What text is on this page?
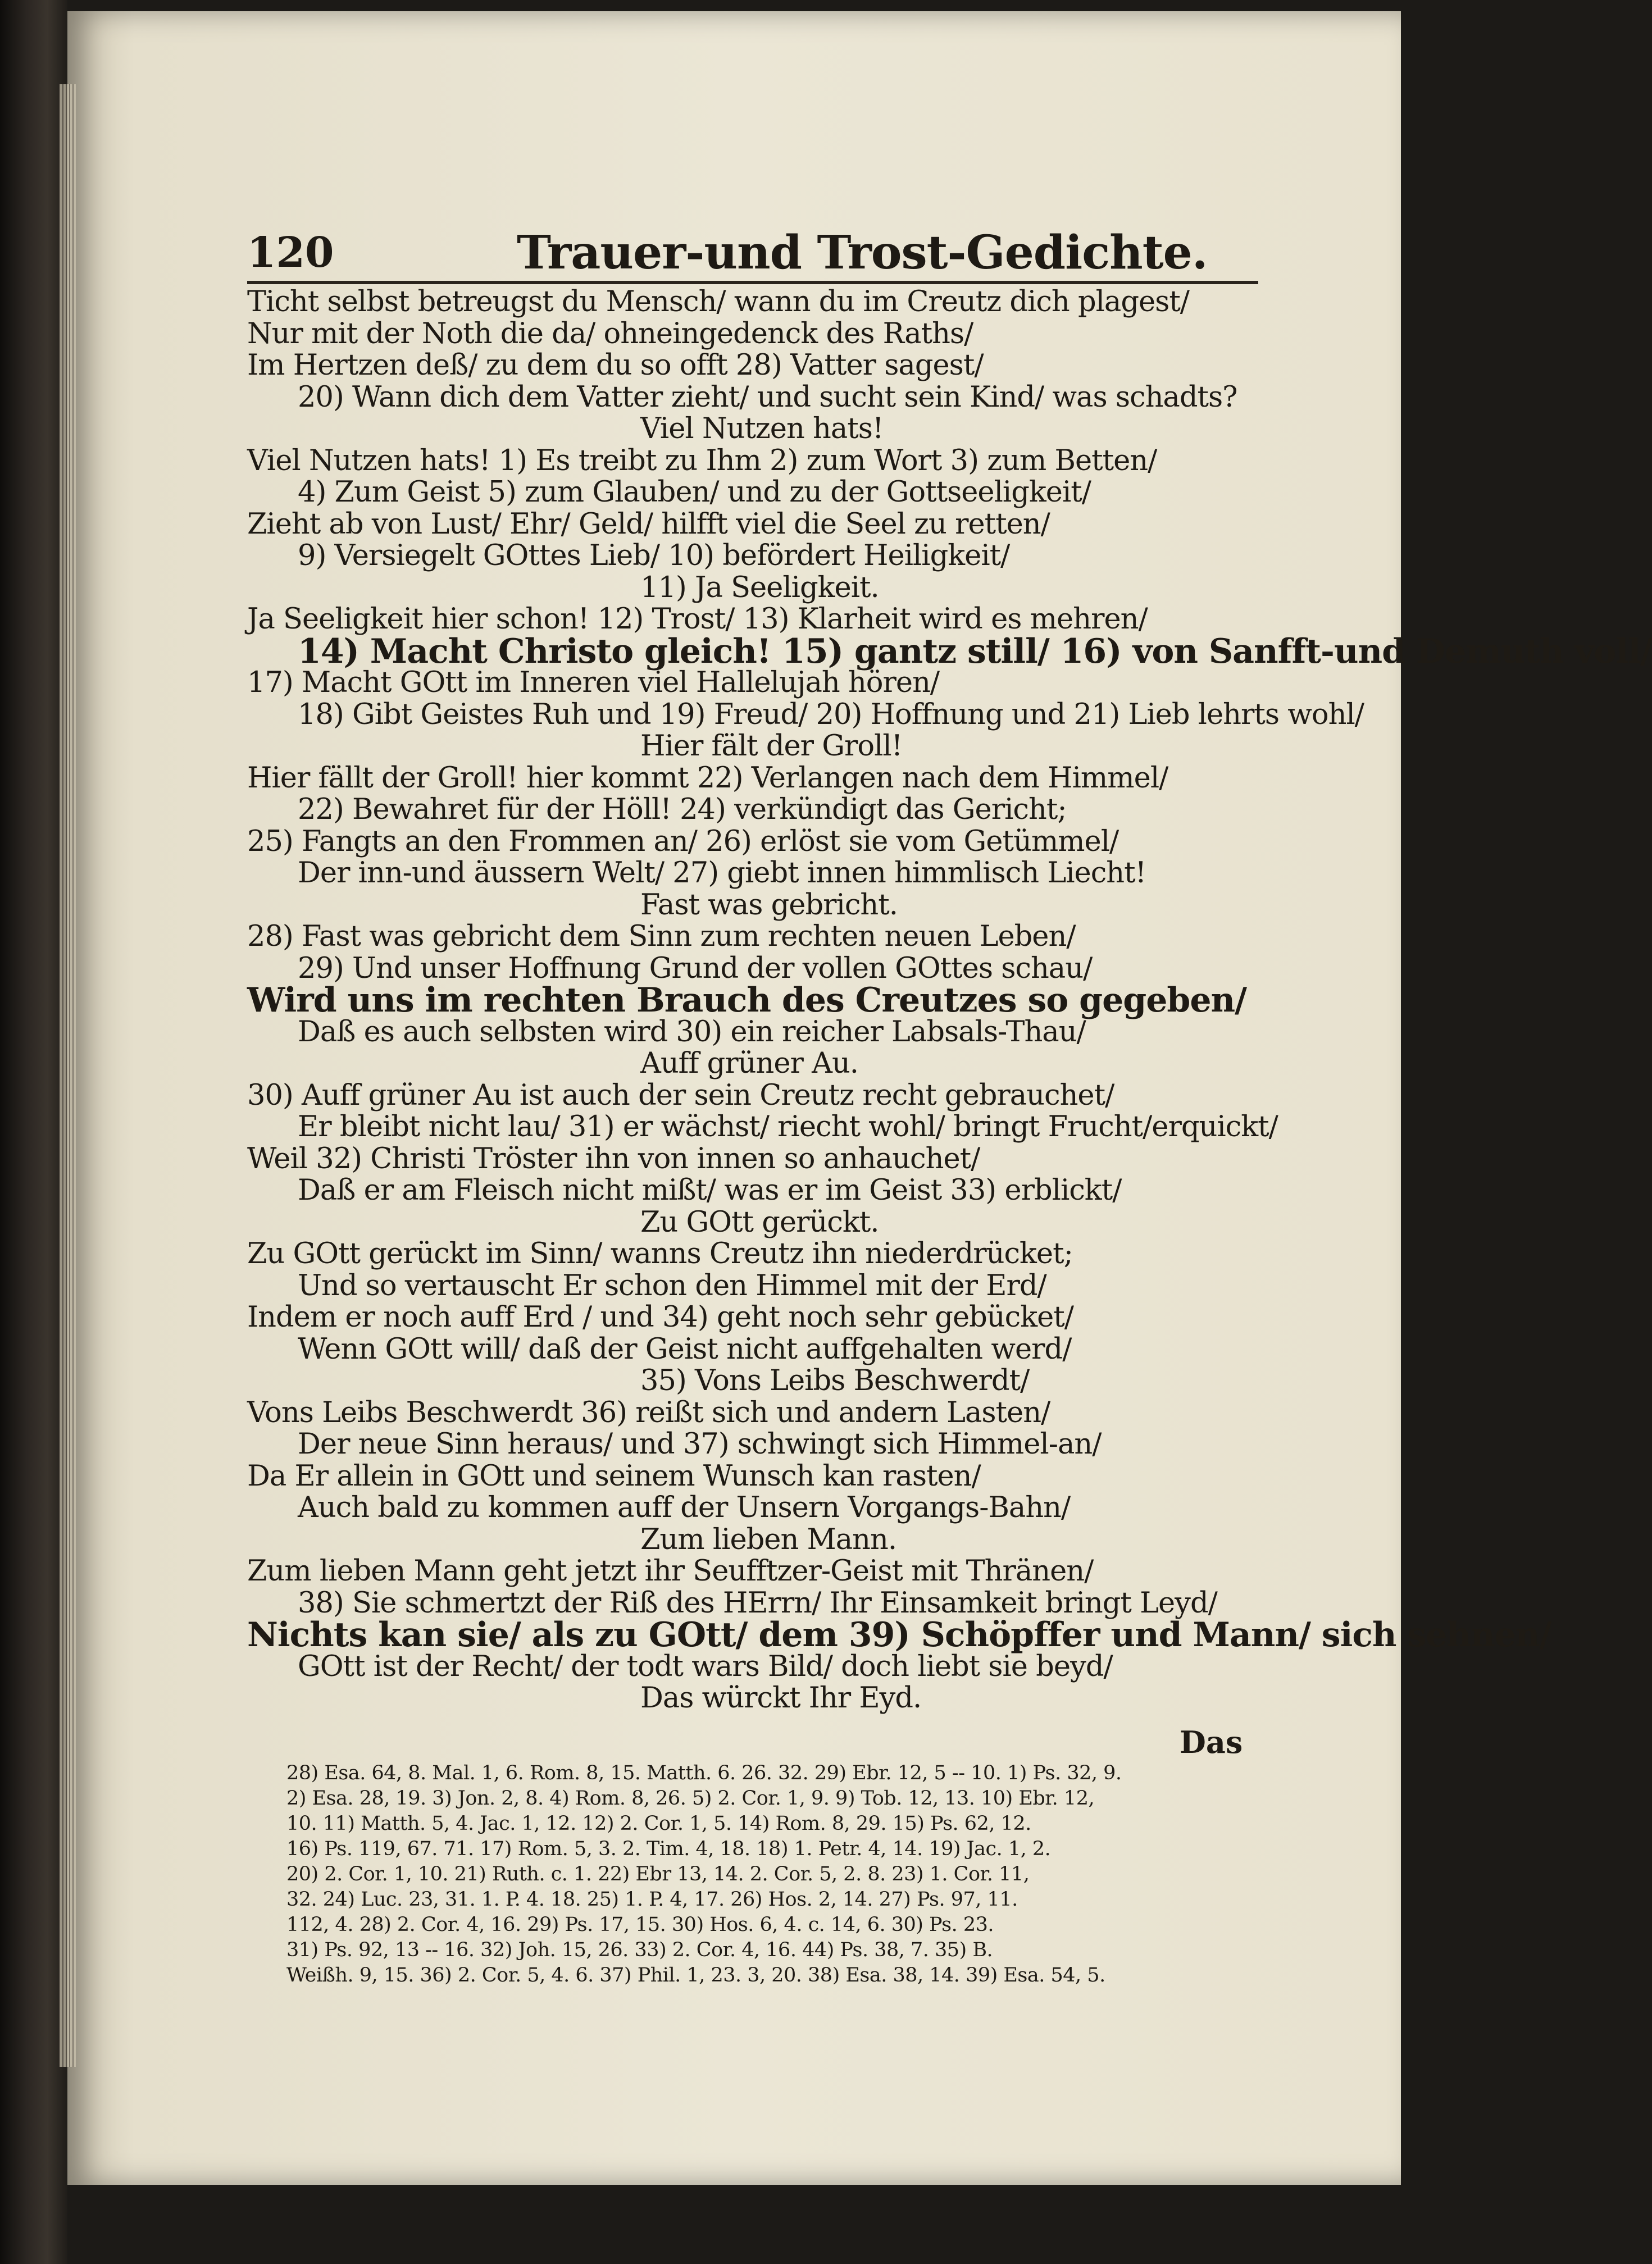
120	Trauer-und Trost-Gedichte.
Ticht selbst betreugst du Mensch/ wann du im Creutz dich plagest/
Nur mit der Noth die da/ ohneingedenck des Raths/
Im Hertzen deß/ zu dem du so offt 28) Vatter sagest/
20) Wann dich dem Vatter zieht/ und sucht sein Kind/ was schadts?
Viel Nutzen hats!
Viel Nutzen hats! 1) Es treibt zu Ihm 2) zum Wort 3) zum Betten/
4) Zum Geist 5) zum Glauben/ und zu der Gottseeligkeit/
Zieht ab von Lust/ Ehr/ Geld/ hilfft viel die Seel zu retten/
9) Versiegelt GOttes Lieb/ 10) befördert Heiligkeit/
11) Ja Seeligkeit.
Ja Seeligkeit hier schon! 12) Trost/ 13) Klarheit wird es mehren/
14) Macht Christo gleich! 15) gantz still/ 16) von Sanfft-und Demuth voll/
17) Macht GOtt im Inneren viel Hallelujah hören/
18) Gibt Geistes Ruh und 19) Freud/ 20) Hoffnung und 21) Lieb lehrts wohl/
Hier fält der Groll!
Hier fällt der Groll! hier kommt 22) Verlangen nach dem Himmel/
22) Bewahret für der Höll! 24) verkündigt das Gericht;
25) Fangts an den Frommen an/ 26) erlöst sie vom Getümmel/
Der inn-und äussern Welt/ 27) giebt innen himmlisch Liecht!
Fast was gebricht.
28) Fast was gebricht dem Sinn zum rechten neuen Leben/
29) Und unser Hoffnung Grund der vollen GOttes schau/
Wird uns im rechten Brauch des Creutzes so gegeben/
Daß es auch selbsten wird 30) ein reicher Labsals-Thau/
Auff grüner Au.
30) Auff grüner Au ist auch der sein Creutz recht gebrauchet/
Er bleibt nicht lau/ 31) er wächst/ riecht wohl/ bringt Frucht/erquickt/
Weil 32) Christi Tröster ihn von innen so anhauchet/
Daß er am Fleisch nicht mißt/ was er im Geist 33) erblickt/
Zu GOtt gerückt.
Zu GOtt gerückt im Sinn/ wanns Creutz ihn niederdrücket;
Und so vertauscht Er schon den Himmel mit der Erd/
Indem er noch auff Erd / und 34) geht noch sehr gebücket/
Wenn GOtt will/ daß der Geist nicht auffgehalten werd/
35) Vons Leibs Beschwerdt/
Vons Leibs Beschwerdt 36) reißt sich und andern Lasten/
Der neue Sinn heraus/ und 37) schwingt sich Himmel-an/
Da Er allein in GOtt und seinem Wunsch kan rasten/
Auch bald zu kommen auff der Unsern Vorgangs-Bahn/
Zum lieben Mann.
Zum lieben Mann geht jetzt ihr Seufftzer-Geist mit Thränen/
38) Sie schmertzt der Riß des HErrn/ Ihr Einsamkeit bringt Leyd/
Nichts kan sie/ als zu GOtt/ dem 39) Schöpffer und Mann/ sich sehnen/
GOtt ist der Recht/ der todt wars Bild/ doch liebt sie beyd/
Das würckt Ihr Eyd.
Das
28) Esa. 64, 8. Mal. 1, 6. Rom. 8, 15. Matth. 6. 26. 32. 29) Ebr. 12, 5 -- 10. 1) Ps. 32, 9.
2) Esa. 28, 19. 3) Jon. 2, 8. 4) Rom. 8, 26. 5) 2. Cor. 1, 9. 9) Tob. 12, 13. 10) Ebr. 12,
10. 11) Matth. 5, 4. Jac. 1, 12. 12) 2. Cor. 1, 5. 14) Rom. 8, 29. 15) Ps. 62, 12.
16) Ps. 119, 67. 71. 17) Rom. 5, 3. 2. Tim. 4, 18. 18) 1. Petr. 4, 14. 19) Jac. 1, 2.
20) 2. Cor. 1, 10. 21) Ruth. c. 1. 22) Ebr 13, 14. 2. Cor. 5, 2. 8. 23) 1. Cor. 11,
32. 24) Luc. 23, 31. 1. P. 4. 18. 25) 1. P. 4, 17. 26) Hos. 2, 14. 27) Ps. 97, 11.
112, 4. 28) 2. Cor. 4, 16. 29) Ps. 17, 15. 30) Hos. 6, 4. c. 14, 6. 30) Ps. 23.
31) Ps. 92, 13 -- 16. 32) Joh. 15, 26. 33) 2. Cor. 4, 16. 44) Ps. 38, 7. 35) B.
Weißh. 9, 15. 36) 2. Cor. 5, 4. 6. 37) Phil. 1, 23. 3, 20. 38) Esa. 38, 14. 39) Esa. 54, 5.
